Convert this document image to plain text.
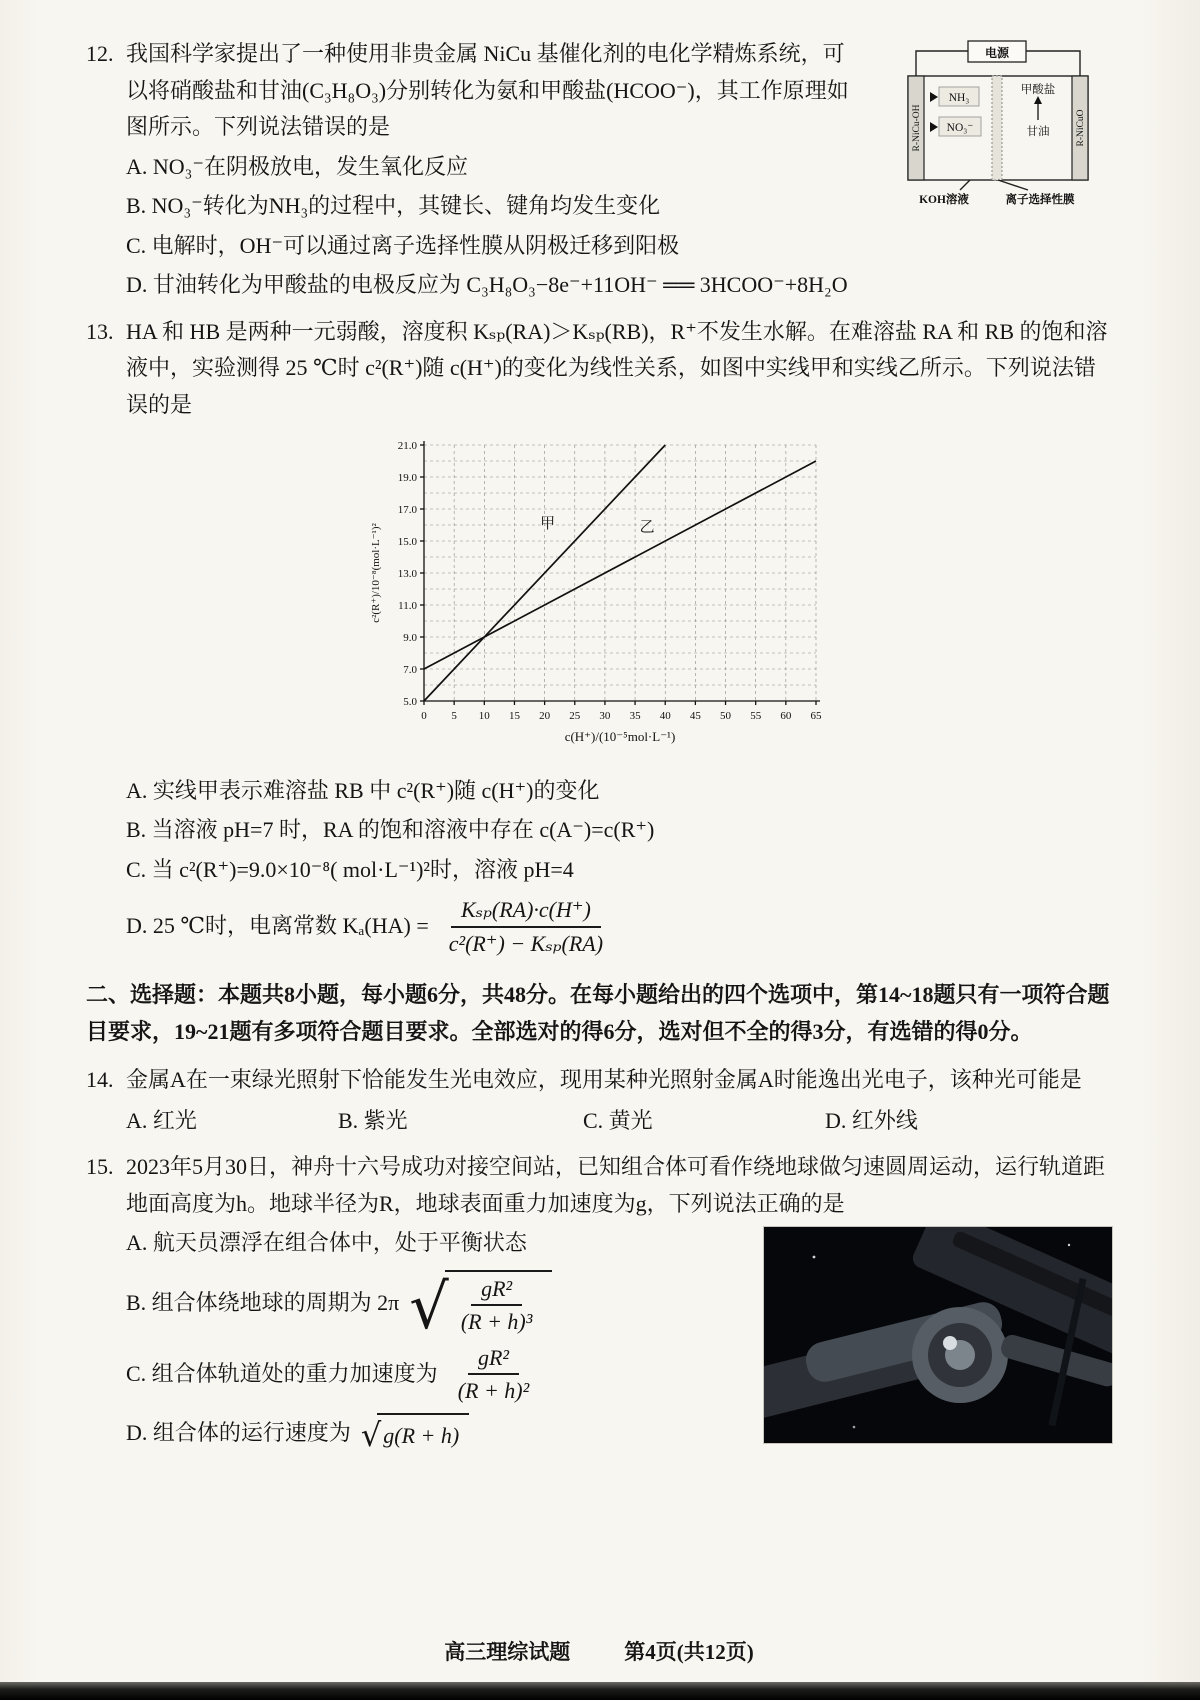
12.	电源
NH₃
NO₃⁻
甲酸盐
甘油
R-NiCu-OH	R-NiCuO
KOH溶液	离子选择性膜
我国科学家提出了一种使用非贵金属 NiCu 基催化剂的电化学精炼系统，可以将硝酸盐和甘油(C₃H₈O₃)分别转化为氨和甲酸盐(HCOO⁻)，其工作原理如图所示。下列说法错误的是
A. NO₃⁻在阴极放电，发生氧化反应
B. NO₃⁻转化为NH₃的过程中，其键长、键角均发生变化
C. 电解时，OH⁻可以通过离子选择性膜从阴极迁移到阳极
D. 甘油转化为甲酸盐的电极反应为 C₃H₈O₃−8e⁻+11OH⁻ ══ 3HCOO⁻+8H₂O
13. HA 和 HB 是两种一元弱酸，溶度积 Kₛₚ(RA)＞Kₛₚ(RB)，R⁺不发生水解。在难溶盐 RA 和 RB 的饱和溶液中，实验测得 25 ℃时 c²(R⁺)随 c(H⁺)的变化为线性关系，如图中实线甲和实线乙所示。下列说法错误的是
5.0
7.0
9.0
11.0
13.0
15.0
17.0
19.0
21.0
0 5 10 15 20 25 30 35 40 45 50 55 60 65
甲	乙
c(H⁺)/(10⁻⁵mol·L⁻¹)
c²(R⁺)/10⁻⁸(mol·L⁻¹)²
A. 实线甲表示难溶盐 RB 中 c²(R⁺)随 c(H⁺)的变化
B. 当溶液 pH=7 时，RA 的饱和溶液中存在 c(A⁻)=c(R⁺)
C. 当 c²(R⁺)=9.0×10⁻⁸( mol·L⁻¹)²时，溶液 pH=4
D. 25 ℃时，电离常数 $K_a(HA) = \frac{\text{Kₛₚ(RA)·c(H⁺)}}{\text{c²(R⁺) − Kₛₚ(RA)}}$

二、选择题：本题共8小题，每小题6分，共48分。在每小题给出的四个选项中，第14~18题只有一项符合题目要求，19~21题有多项符合题目要求。全部选对的得6分，选对但不全的得3分，有选错的得0分。

14. 金属A在一束绿光照射下恰能发生光电效应，现用某种光照射金属A时能逸出光电子，该种光可能是
A. 红光	B. 紫光	C. 黄光	D. 红外线
15. 2023年5月30日，神舟十六号成功对接空间站，已知组合体可看作绕地球做匀速圆周运动，运行轨道距地面高度为h。地球半径为R，地球表面重力加速度为g，下列说法正确的是
A. 航天员漂浮在组合体中，处于平衡状态
B. 组合体绕地球的周期为 2π √ $\frac{\text{gR²}}{\text{(R + h)³}}$
C. 组合体轨道处的重力加速度为 $\frac{\text{gR²}}{\text{(R + h)²}}$
D. 组合体的运行速度为 √ g(R + h)
高三理综试题	第4页(共12页)
